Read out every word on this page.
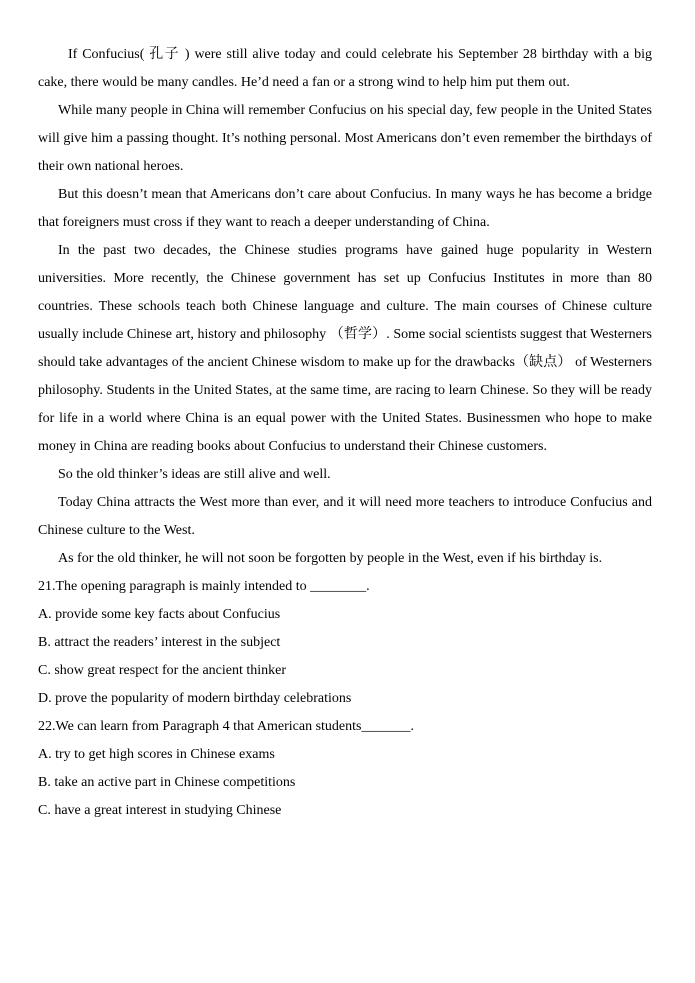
If Confucius( 孔子 ) were still alive today and could celebrate his September 28 birthday with a big cake, there would be many candles. He’d need a fan or a strong wind to help him put them out.

While many people in China will remember Confucius on his special day, few people in the United States will give him a passing thought. It’s nothing personal. Most Americans don’t even remember the birthdays of their own national heroes.

But this doesn’t mean that Americans don’t care about Confucius. In many ways he has become a bridge that foreigners must cross if they want to reach a deeper understanding of China.

In the past two decades, the Chinese studies programs have gained huge popularity in Western universities. More recently, the Chinese government has set up Confucius Institutes in more than 80 countries. These schools teach both Chinese language and culture. The main courses of Chinese culture usually include Chinese art, history and philosophy （哲学）. Some social scientists suggest that Westerners should take advantages of the ancient Chinese wisdom to make up for the drawbacks（缺点） of Westerners philosophy. Students in the United States, at the same time, are racing to learn Chinese. So they will be ready for life in a world where China is an equal power with the United States. Businessmen who hope to make money in China are reading books about Confucius to understand their Chinese customers.

So the old thinker’s ideas are still alive and well.

Today China attracts the West more than ever, and it will need more teachers to introduce Confucius and Chinese culture to the West.

As for the old thinker, he will not soon be forgotten by people in the West, even if his birthday is.

21.The opening paragraph is mainly intended to ________.

A. provide some key facts about Confucius

B. attract the readers’ interest in the subject

C. show great respect for the ancient thinker

D. prove the popularity of modern birthday celebrations

22.We can learn from Paragraph 4 that American students_______.

A. try to get high scores in Chinese exams

B. take an active part in Chinese competitions

C. have a great interest in studying Chinese
